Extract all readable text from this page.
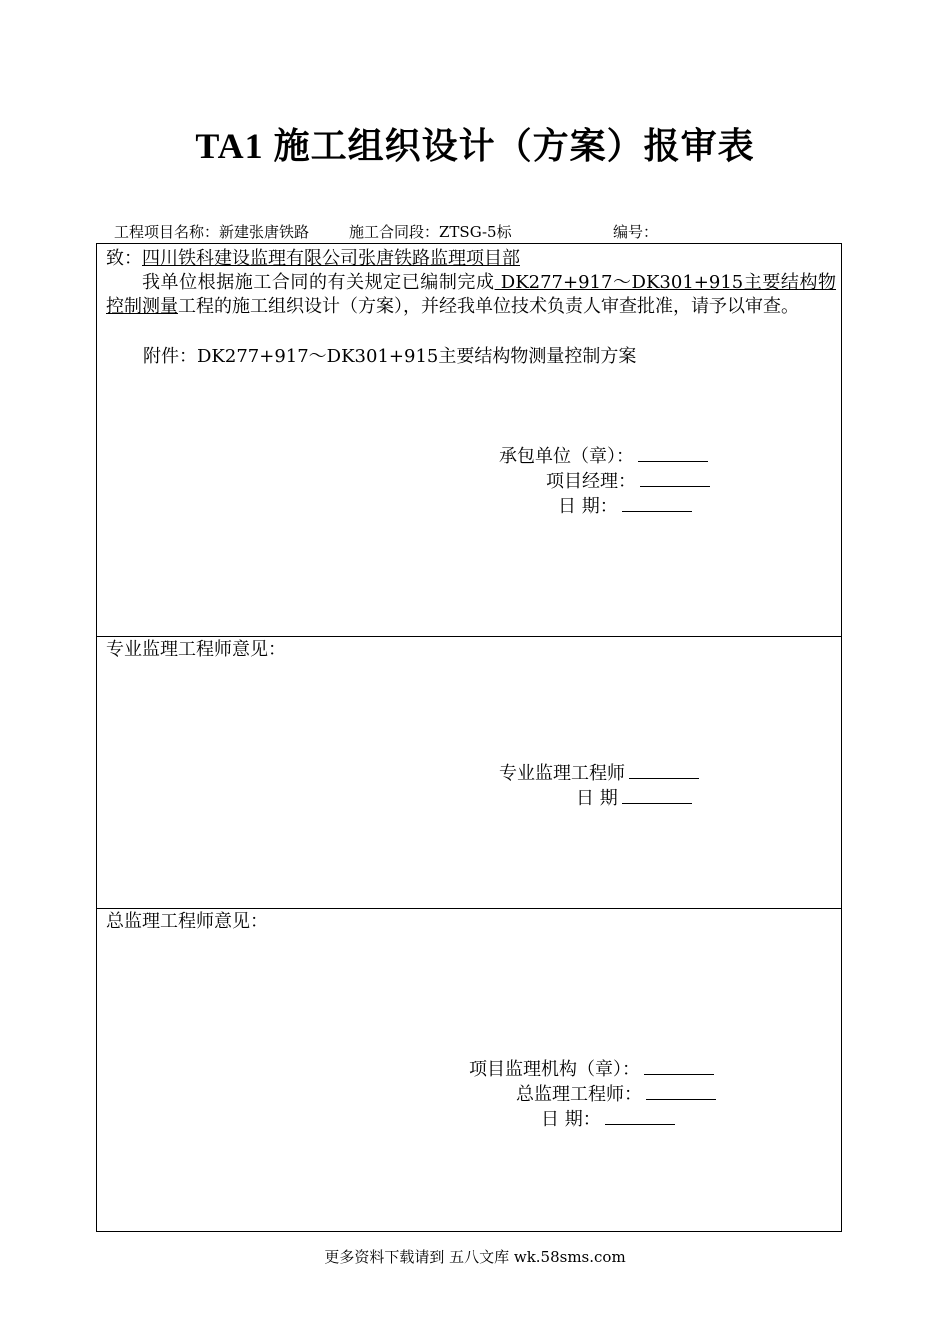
TA1 施工组织设计（方案）报审表
工程项目名称：新建张唐铁路	施工合同段：ZTSG-5标	编号：
致：四川铁科建设监理有限公司张唐铁路监理项目部
我单位根据施工合同的有关规定已编制完成 DK277+917～DK301+915主要结构物控制测量工程的施工组织设计（方案），并经我单位技术负责人审查批准，请予以审查。
附件：DK277+917～DK301+915主要结构物测量控制方案
承包单位（章）：
项目经理：
日 期：
专业监理工程师意见：
专业监理工程师
日 期
总监理工程师意见：
项目监理机构（章）：
总监理工程师：
日 期：
更多资料下载请到 五八文库 wk.58sms.com
